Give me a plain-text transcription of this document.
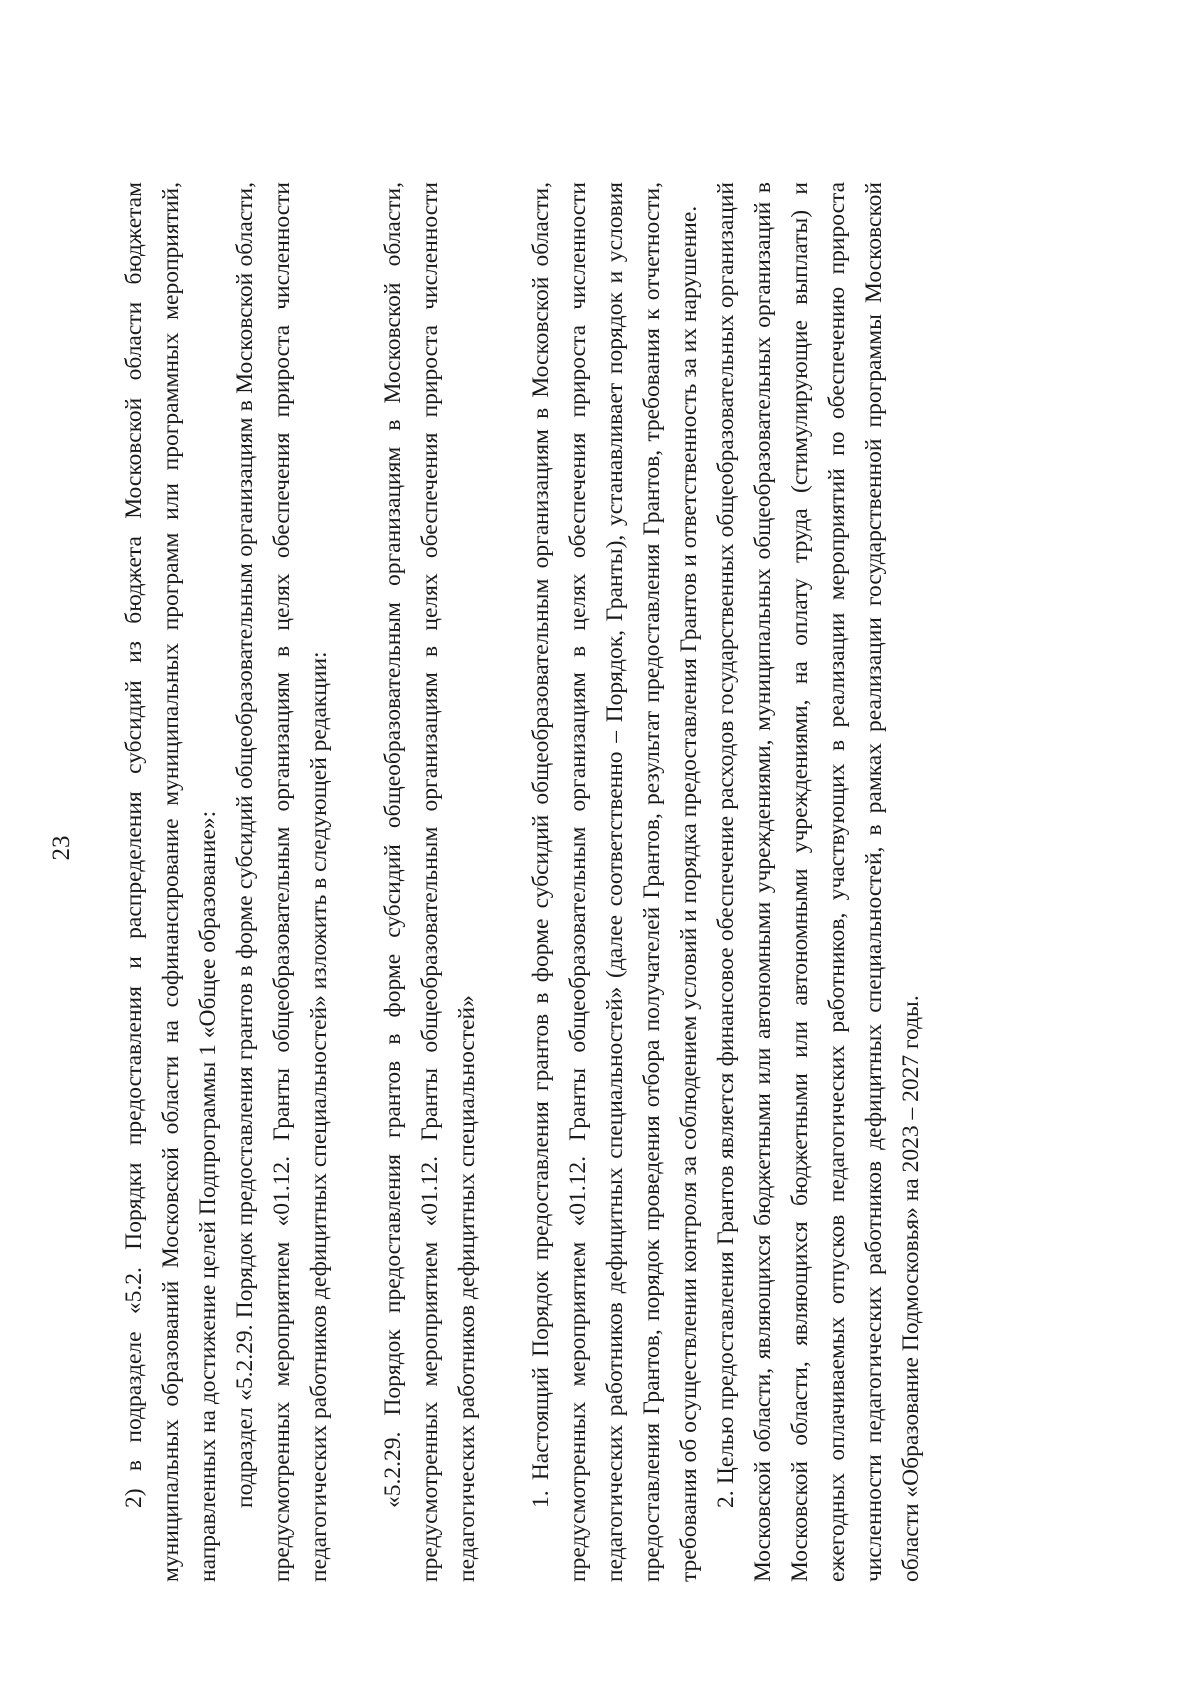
23 2) в подразделе «5.2. Порядки предоставления и распределения субсидий из бюджета Московской области бюджетам муниципальных образований Московской области на софинансирование муниципальных программ или программных мероприятий, направленных на достижение целей Подпрограммы 1 «Общее образование»: подраздел «5.2.29. Порядок предоставления грантов в форме субсидий общеобразовательным организациям в Московской области, предусмотренных мероприятием «01.12. Гранты общеобразовательным организациям в целях обеспечения прироста численности педагогических работников дефицитных специальностей» изложить в следующей редакции: «5.2.29. Порядок предоставления грантов в форме субсидий общеобразовательным организациям в Московской области, предусмотренных мероприятием «01.12. Гранты общеобразовательным организациям в целях обеспечения прироста численности педагогических работников дефицитных специальностей» 1. Настоящий Порядок предоставления грантов в форме субсидий общеобразовательным организациям в Московской области, предусмотренных мероприятием «01.12. Гранты общеобразовательным организациям в целях обеспечения прироста численности педагогических работников дефицитных специальностей» (далее соответственно – Порядок, Гранты), устанавливает порядок и условия предоставления Грантов, порядок проведения отбора получателей Грантов, результат предоставления Грантов, требования к отчетности, требования об осуществлении контроля за соблюдением условий и порядка предоставления Грантов и ответственность за их нарушение. 2. Целью предоставления Грантов является финансовое обеспечение расходов государственных общеобразовательных организаций Московской области, являющихся бюджетными или автономными учреждениями, муниципальных общеобразовательных организаций в Московской области, являющихся бюджетными или автономными учреждениями, на оплату труда (стимулирующие выплаты) и ежегодных оплачиваемых отпусков педагогических работников, участвующих в реализации мероприятий по обеспечению прироста численности педагогических работников дефицитных специальностей, в рамках реализации государственной программы Московской области «Образование Подмосковья» на 2023 – 2027 годы.
